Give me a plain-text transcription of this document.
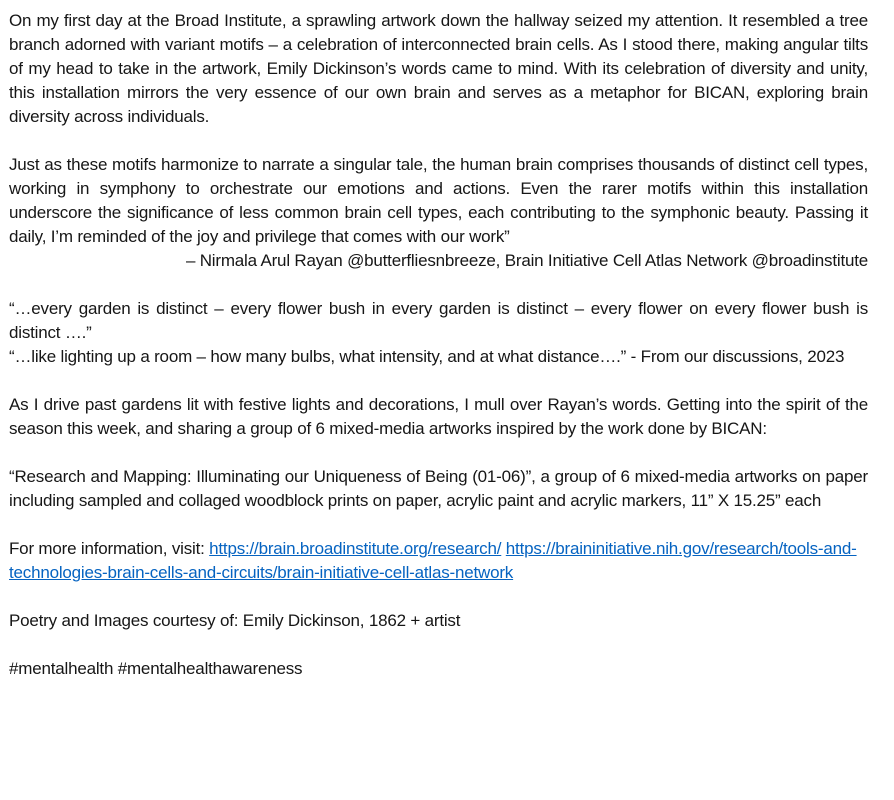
On my first day at the Broad Institute, a sprawling artwork down the hallway seized my attention. It resembled a tree branch adorned with variant motifs – a celebration of interconnected brain cells. As I stood there, making angular tilts of my head to take in the artwork, Emily Dickinson’s words came to mind. With its celebration of diversity and unity, this installation mirrors the very essence of our own brain and serves as a metaphor for BICAN, exploring brain diversity across individuals.

Just as these motifs harmonize to narrate a singular tale, the human brain comprises thousands of distinct cell types, working in symphony to orchestrate our emotions and actions. Even the rarer motifs within this installation underscore the significance of less common brain cell types, each contributing to the symphonic beauty. Passing it daily, I’m reminded of the joy and privilege that comes with our work”

– Nirmala Arul Rayan @butterfliesnbreeze, Brain Initiative Cell Atlas Network @broadinstitute

“…every garden is distinct – every flower bush in every garden is distinct – every flower on every flower bush is distinct ….”

“…like lighting up a room – how many bulbs, what intensity, and at what distance….” - From our discussions, 2023

As I drive past gardens lit with festive lights and decorations, I mull over Rayan’s words. Getting into the spirit of the season this week, and sharing a group of 6 mixed-media artworks inspired by the work done by BICAN:

“Research and Mapping: Illuminating our Uniqueness of Being (01-06)”, a group of 6 mixed-media artworks on paper including sampled and collaged woodblock prints on paper, acrylic paint and acrylic markers, 11” X 15.25” each

For more information, visit: https://brain.broadinstitute.org/research/ https://braininitiative.nih.gov/research/tools-and-technologies-brain-cells-and-circuits/brain-initiative-cell-atlas-network

Poetry and Images courtesy of: Emily Dickinson, 1862 + artist

#mentalhealth #mentalhealthawareness
